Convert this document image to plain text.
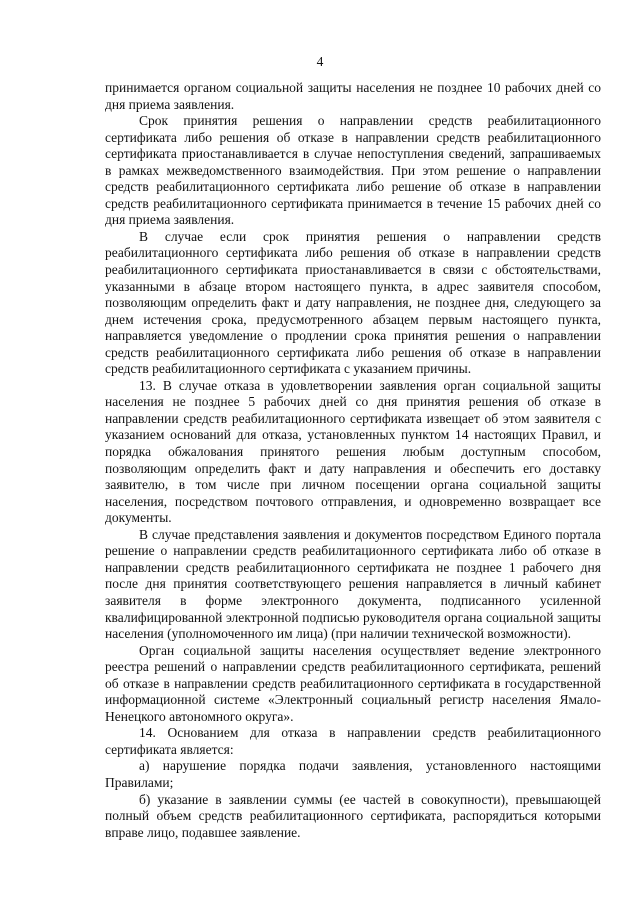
4

принимается органом социальной защиты населения не позднее 10 рабочих дней со дня приема заявления.

Срок принятия решения о направлении средств реабилитационного сертификата либо решения об отказе в направлении средств реабилитационного сертификата приостанавливается в случае непоступления сведений, запрашиваемых в рамках межведомственного взаимодействия. При этом решение о направлении средств реабилитационного сертификата либо решение об отказе в направлении средств реабилитационного сертификата принимается в течение 15 рабочих дней со дня приема заявления.

В случае если срок принятия решения о направлении средств реабилитационного сертификата либо решения об отказе в направлении средств реабилитационного сертификата приостанавливается в связи с обстоятельствами, указанными в абзаце втором настоящего пункта, в адрес заявителя способом, позволяющим определить факт и дату направления, не позднее дня, следующего за днем истечения срока, предусмотренного абзацем первым настоящего пункта, направляется уведомление о продлении срока принятия решения о направлении средств реабилитационного сертификата либо решения об отказе в направлении средств реабилитационного сертификата с указанием причины.

13. В случае отказа в удовлетворении заявления орган социальной защиты населения не позднее 5 рабочих дней со дня принятия решения об отказе в направлении средств реабилитационного сертификата извещает об этом заявителя с указанием оснований для отказа, установленных пунктом 14 настоящих Правил, и порядка обжалования принятого решения любым доступным способом, позволяющим определить факт и дату направления и обеспечить его доставку заявителю, в том числе при личном посещении органа социальной защиты населения, посредством почтового отправления, и одновременно возвращает все документы.

В случае представления заявления и документов посредством Единого портала решение о направлении средств реабилитационного сертификата либо об отказе в направлении средств реабилитационного сертификата не позднее 1 рабочего дня после дня принятия соответствующего решения направляется в личный кабинет заявителя в форме электронного документа, подписанного усиленной квалифицированной электронной подписью руководителя органа социальной защиты населения (уполномоченного им лица) (при наличии технической возможности).

Орган социальной защиты населения осуществляет ведение электронного реестра решений о направлении средств реабилитационного сертификата, решений об отказе в направлении средств реабилитационного сертификата в государственной информационной системе «Электронный социальный регистр населения Ямало-Ненецкого автономного округа».

14. Основанием для отказа в направлении средств реабилитационного сертификата является:

а) нарушение порядка подачи заявления, установленного настоящими Правилами;

б) указание в заявлении суммы (ее частей в совокупности), превышающей полный объем средств реабилитационного сертификата, распорядиться которыми вправе лицо, подавшее заявление.
